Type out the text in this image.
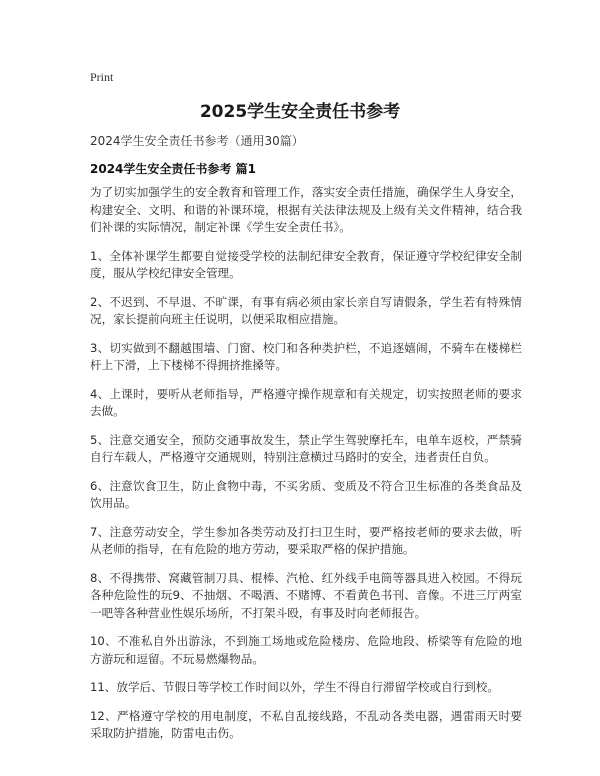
Print
2025学生安全责任书参考
2024学生安全责任书参考（通用30篇）
2024学生安全责任书参考 篇1

为了切实加强学生的安全教育和管理工作，落实安全责任措施，确保学生人身安全，构建安全、文明、和谐的补课环境，根据有关法律法规及上级有关文件精神，结合我们补课的实际情况，制定补课《学生安全责任书》。

1、全体补课学生都要自觉接受学校的法制纪律安全教育，保证遵守学校纪律安全制度，服从学校纪律安全管理。

2、不迟到、不早退、不旷课，有事有病必须由家长亲自写请假条，学生若有特殊情况，家长提前向班主任说明，以便采取相应措施。

3、切实做到不翻越围墙、门窗、校门和各种类护栏，不追逐嬉闹，不骑车在楼梯栏杆上下滑，上下楼梯不得拥挤推搡等。

4、上课时，要听从老师指导，严格遵守操作规章和有关规定，切实按照老师的要求去做。

5、注意交通安全，预防交通事故发生，禁止学生驾驶摩托车，电单车返校，严禁骑自行车载人，严格遵守交通规则，特别注意横过马路时的安全，违者责任自负。

6、注意饮食卫生，防止食物中毒，不买劣质、变质及不符合卫生标准的各类食品及饮用品。

7、注意劳动安全，学生参加各类劳动及打扫卫生时，要严格按老师的要求去做，听从老师的指导，在有危险的地方劳动，要采取严格的保护措施。

8、不得携带、窝藏管制刀具、棍棒、汽枪、红外线手电筒等器具进入校园。不得玩各种危险性的玩9、不抽烟、不喝酒、不赌博、不看黄色书刊、音像。不进三厅两室一吧等各种营业性娱乐场所，不打架斗殴，有事及时向老师报告。

10、不准私自外出游泳，不到施工场地或危险楼房、危险地段、桥梁等有危险的地方游玩和逗留。不玩易燃爆物品。

11、放学后、节假日等学校工作时间以外，学生不得自行滞留学校或自行到校。

12、严格遵守学校的用电制度，不私自乱接线路，不乱动各类电器，遇雷雨天时要采取防护措施，防雷电击伤。
